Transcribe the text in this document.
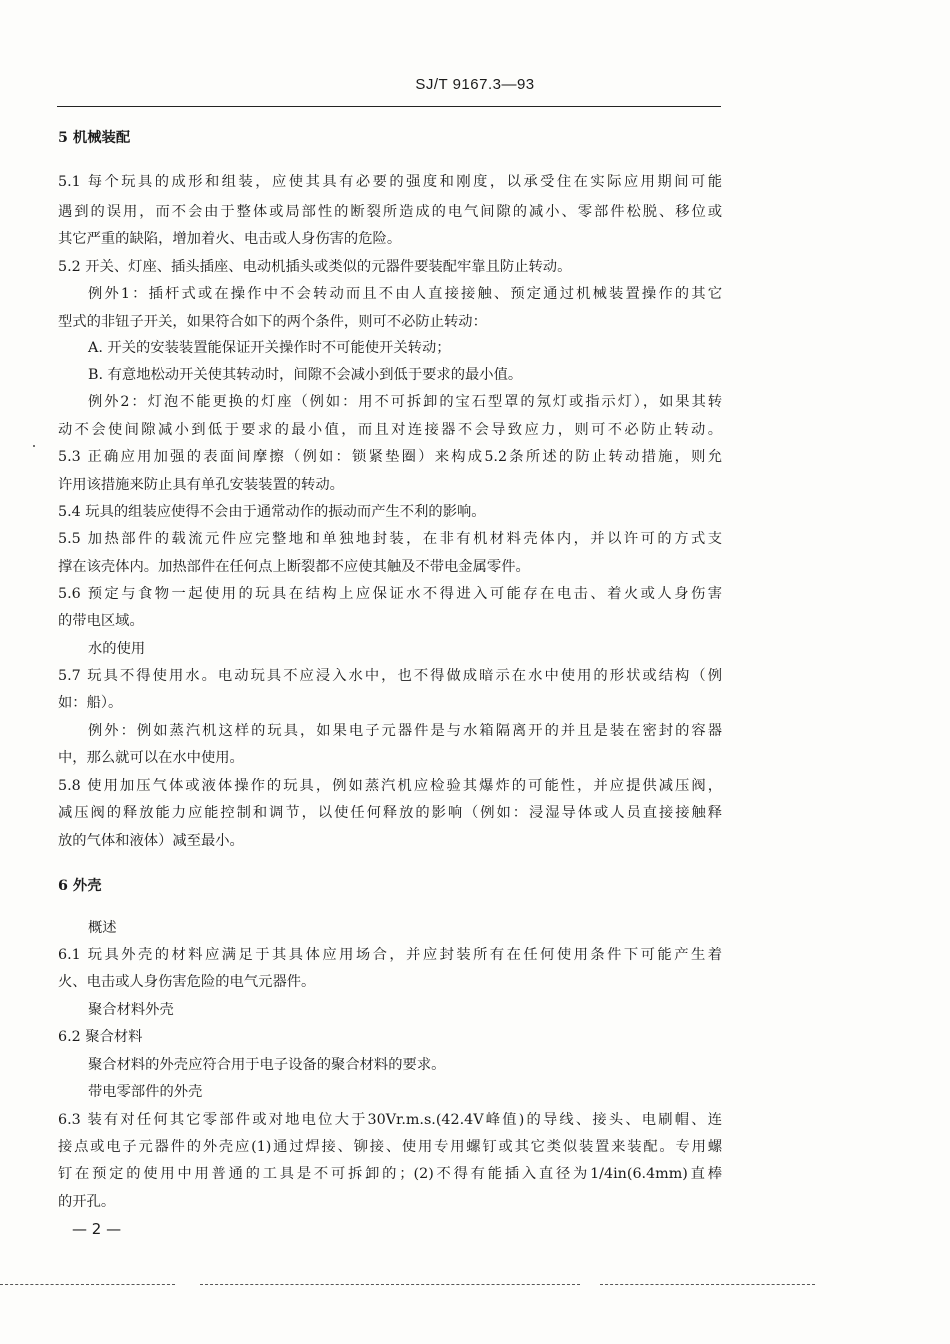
SJ/T 9167.3—93
5 机械装配
5.1 每个玩具的成形和组装，应使其具有必要的强度和刚度，以承受住在实际应用期间可能
遇到的误用，而不会由于整体或局部性的断裂所造成的电气间隙的减小、零部件松脱、移位或
其它严重的缺陷，增加着火、电击或人身伤害的危险。
5.2 开关、灯座、插头插座、电动机插头或类似的元器件要装配牢靠且防止转动。
例外1：插杆式或在操作中不会转动而且不由人直接接触、预定通过机械装置操作的其它
型式的非钮子开关，如果符合如下的两个条件，则可不必防止转动：
A. 开关的安装装置能保证开关操作时不可能使开关转动；
B. 有意地松动开关使其转动时，间隙不会减小到低于要求的最小值。
例外2：灯泡不能更换的灯座（例如：用不可拆卸的宝石型罩的氖灯或指示灯），如果其转
动不会使间隙减小到低于要求的最小值，而且对连接器不会导致应力，则可不必防止转动。
5.3 正确应用加强的表面间摩擦（例如：锁紧垫圈）来构成5.2条所述的防止转动措施，则允
许用该措施来防止具有单孔安装装置的转动。
5.4 玩具的组装应使得不会由于通常动作的振动而产生不利的影响。
5.5 加热部件的载流元件应完整地和单独地封装，在非有机材料壳体内，并以许可的方式支
撑在该壳体内。加热部件在任何点上断裂都不应使其触及不带电金属零件。
5.6 预定与食物一起使用的玩具在结构上应保证水不得进入可能存在电击、着火或人身伤害
的带电区域。
水的使用
5.7 玩具不得使用水。电动玩具不应浸入水中，也不得做成暗示在水中使用的形状或结构（例
如：船）。
例外：例如蒸汽机这样的玩具，如果电子元器件是与水箱隔离开的并且是装在密封的容器
中，那么就可以在水中使用。
5.8 使用加压气体或液体操作的玩具，例如蒸汽机应检验其爆炸的可能性，并应提供减压阀，
减压阀的释放能力应能控制和调节，以使任何释放的影响（例如：浸湿导体或人员直接接触释
放的气体和液体）减至最小。
6 外壳
概述
6.1 玩具外壳的材料应满足于其具体应用场合，并应封装所有在任何使用条件下可能产生着
火、电击或人身伤害危险的电气元器件。
聚合材料外壳
6.2 聚合材料
聚合材料的外壳应符合用于电子设备的聚合材料的要求。
带电零部件的外壳
6.3 装有对任何其它零部件或对地电位大于30Vr.m.s.(42.4V峰值)的导线、接头、电刷帽、连
接点或电子元器件的外壳应(1)通过焊接、铆接、使用专用螺钉或其它类似装置来装配。专用螺
钉在预定的使用中用普通的工具是不可拆卸的；(2)不得有能插入直径为1/4in(6.4mm)直棒
的开孔。
— 2 —
